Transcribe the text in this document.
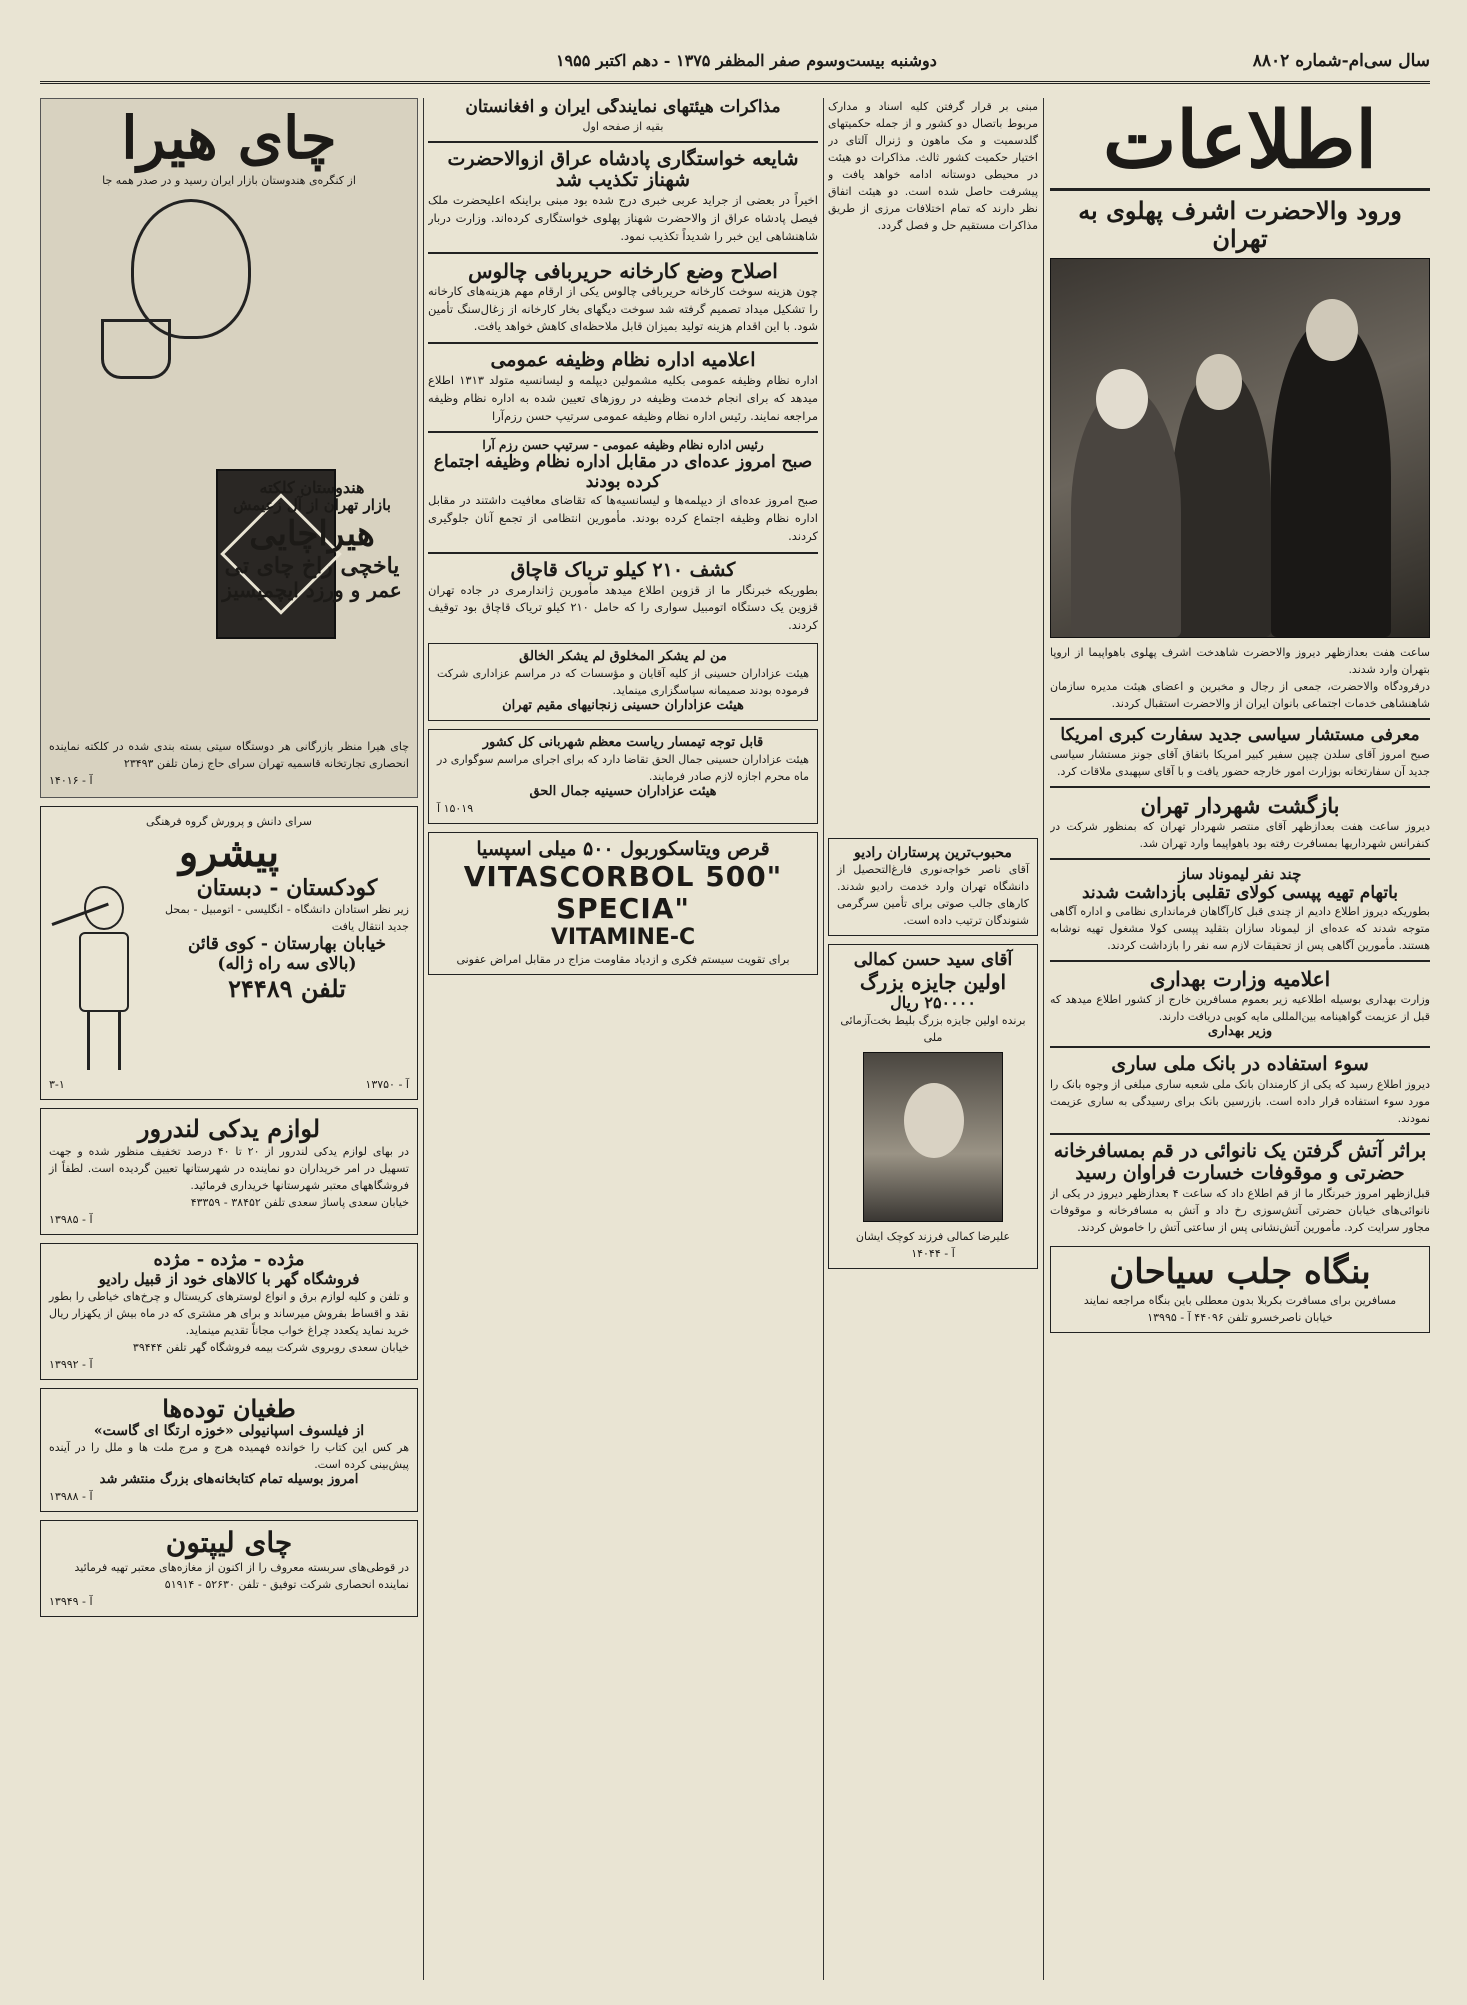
سال سی‌ام-شماره ۸۸۰۲
دوشنبه بیست‌وسوم صفر المظفر ۱۳۷۵ - دهم اکتبر ۱۹۵۵
اطلاعات
ورود والاحضرت اشرف پهلوی به تهران
ساعت هفت بعدازظهر دیروز والاحضرت شاهدخت اشرف پهلوی باهواپیما از اروپا بتهران وارد شدند.
درفرودگاه والاحضرت، جمعی از رجال و مخبرین و اعضای هیئت مدیره سازمان شاهنشاهی خدمات اجتماعی بانوان ایران از والاحضرت استقبال کردند.
معرفی مستشار سیاسی جدید سفارت کبری امریکا
صبح امروز آقای سلدن چیپن سفیر کبیر امریکا باتفاق آقای جونز مستشار سیاسی جدید آن سفارتخانه بوزارت امور خارجه حضور یافت و با آقای سپهبدی ملاقات کرد.
بازگشت شهردار تهران
دیروز ساعت هفت بعدازظهر آقای منتصر شهردار تهران که بمنظور شرکت در کنفرانس شهرداریها بمسافرت رفته بود باهواپیما وارد تهران شد.
چند نفر لیموناد ساز
باتهام تهیه پپسی کولای تقلبی بازداشت شدند
بطوریکه دیروز اطلاع دادیم از چندی قبل کارآگاهان فرمانداری نظامی و اداره آگاهی متوجه شدند که عده‌ای از لیموناد سازان بتقلید پپسی کولا مشغول تهیه نوشابه هستند. مأمورین آگاهی پس از تحقیقات لازم سه نفر را بازداشت کردند.
اعلامیه وزارت بهداری
وزارت بهداری بوسیله اطلاعیه زیر بعموم مسافرین خارج از کشور اطلاع میدهد که قبل از عزیمت گواهینامه بین‌المللی مایه کوبی دریافت دارند.
وزیر بهداری
سوء استفاده در بانک ملی ساری
دیروز اطلاع رسید که یکی از کارمندان بانک ملی شعبه ساری مبلغی از وجوه بانک را مورد سوء استفاده قرار داده است. بازرسین بانک برای رسیدگی به ساری عزیمت نمودند.
براثر آتش گرفتن یک نانوائی در قم بمسافرخانه حضرتی و موقوفات خسارت فراوان رسید
قبل‌ازظهر امروز خبرنگار ما از قم اطلاع داد که ساعت ۴ بعدازظهر دیروز در یکی از نانوائی‌های خیابان حضرتی آتش‌سوزی رخ داد و آتش به مسافرخانه و موقوفات مجاور سرایت کرد. مأمورین آتش‌نشانی پس از ساعتی آتش را خاموش کردند.
بنگاه جلب سیاحان
مسافرین برای مسافرت بکربلا بدون معطلی باین بنگاه مراجعه نمایند
خیابان ناصرخسرو تلفن ۴۴۰۹۶ آ - ۱۳۹۹۵
مبنی بر قرار گرفتن کلیه اسناد و مدارک مربوط باتصال دو کشور و از جمله حکمیتهای گلدسمیت و مک ماهون و ژنرال آلتای در اختیار حکمیت کشور ثالث. مذاکرات دو هیئت در محیطی دوستانه ادامه خواهد یافت و پیشرفت حاصل شده است. دو هیئت اتفاق نظر دارند که تمام اختلافات مرزی از طریق مذاکرات مستقیم حل و فصل گردد.
محبوب‌ترین پرستاران رادیو
آقای ناصر خواجه‌نوری فارغ‌التحصیل از دانشگاه تهران وارد خدمت رادیو شدند. کارهای جالب صوتی برای تأمین سرگرمی شنوندگان ترتیب داده است.
آقای سید حسن کمالی
اولین جایزه بزرگ
۲۵۰۰۰۰ ریال
برنده اولین جایزه بزرگ بلیط بخت‌آزمائی ملی
علیرضا کمالی فرزند کوچک ایشان
آ - ۱۴۰۴۴
مذاکرات هیئتهای نمایندگی ایران و افغانستان
بقیه از صفحه اول
شایعه خواستگاری پادشاه عراق ازوالاحضرت شهناز تکذیب شد
اخیراً در بعضی از جراید عربی خبری درج شده بود مبنی براینکه اعلیحضرت ملک فیصل پادشاه عراق از والاحضرت شهناز پهلوی خواستگاری کرده‌اند. وزارت دربار شاهنشاهی این خبر را شدیداً تکذیب نمود.
اصلاح وضع کارخانه حریربافی چالوس
چون هزینه سوخت کارخانه حریربافی چالوس یکی از ارقام مهم هزینه‌های کارخانه را تشکیل میداد تصمیم گرفته شد سوخت دیگهای بخار کارخانه از زغال‌سنگ تأمین شود. با این اقدام هزینه تولید بمیزان قابل ملاحظه‌ای کاهش خواهد یافت.
اعلامیه اداره نظام وظیفه عمومی
اداره نظام وظیفه عمومی بکلیه مشمولین دیپلمه و لیسانسیه متولد ۱۳۱۳ اطلاع میدهد که برای انجام خدمت وظیفه در روزهای تعیین شده به اداره نظام وظیفه مراجعه نمایند. رئیس اداره نظام وظیفه عمومی سرتیپ حسن رزم‌آرا
رئیس اداره نظام وظیفه عمومی - سرتیپ حسن رزم آرا
صبح امروز عده‌ای در مقابل اداره نظام وظیفه اجتماع کرده بودند
صبح امروز عده‌ای از دیپلمه‌ها و لیسانسیه‌ها که تقاضای معافیت داشتند در مقابل اداره نظام وظیفه اجتماع کرده بودند. مأمورین انتظامی از تجمع آنان جلوگیری کردند.
کشف ۲۱۰ کیلو تریاک قاچاق
بطوریکه خبرنگار ما از قزوین اطلاع میدهد مأمورین ژاندارمری در جاده تهران قزوین یک دستگاه اتومبیل سواری را که حامل ۲۱۰ کیلو تریاک قاچاق بود توقیف کردند.
من لم یشکر المخلوق لم یشکر الخالق
هیئت عزاداران حسینی از کلیه آقایان و مؤسسات که در مراسم عزاداری شرکت فرموده بودند صمیمانه سپاسگزاری مینماید.
هیئت عزاداران حسینی زنجانیهای مقیم تهران
قابل توجه تیمسار ریاست معظم شهربانی کل کشور
هیئت عزاداران حسینی جمال الحق تقاضا دارد که برای اجرای مراسم سوگواری در ماه محرم اجازه لازم صادر فرمایند.
هیئت عزاداران حسینیه جمال الحق
۱۵۰۱۹ آ
قرص ویتاسکوربول ۵۰۰ میلی اسپسیا
VITASCORBOL 500" SPECIA"
VITAMINE-C
برای تقویت سیستم فکری و ازدیاد مقاومت مزاج در مقابل امراض عفونی
چای هیرا
از کنگره‌ی هندوستان بازار ایران رسید و در صدر همه جا
هندوستان کلکته
بازار تهران از آل زعیمش
هیراچایی
یاخچی راخ چای تی
عمر و ورزد ایچمیسیز
چای هیرا منظر بازرگانی هر دوستگاه سیتی بسته بندی شده در کلکته نماینده انحصاری تجارتخانه قاسمیه تهران سرای حاج زمان تلفن ۲۳۴۹۳
آ - ۱۴۰۱۶
سرای دانش و پرورش گروه فرهنگی
پیشرو
کودکستان - دبستان
زیر نظر استادان دانشگاه - انگلیسی - اتومبیل - بمحل جدید انتقال یافت
خیابان بهارستان - کوی قائن (بالای سه راه ژاله)
تلفن ۲۴۴۸۹
آ - ۱۳۷۵۰
۳-۱
لوازم یدکی لندرور
در بهای لوازم یدکی لندرور از ۲۰ تا ۴۰ درصد تخفیف منظور شده و جهت تسهیل در امر خریداران دو نماینده در شهرستانها تعیین گردیده است. لطفاً از فروشگاههای معتبر شهرستانها خریداری فرمائید.
خیابان سعدی پاساژ سعدی تلفن ۳۸۴۵۲ - ۴۳۳۵۹
آ - ۱۳۹۸۵
مژده - مژده - مژده
فروشگاه گهر با کالاهای خود از قبیل رادیو
و تلفن و کلیه لوازم برق و انواع لوسترهای کریستال و چرخ‌های خیاطی را بطور نقد و اقساط بفروش میرساند و برای هر مشتری که در ماه بیش از یکهزار ریال خرید نماید یکعدد چراغ خواب مجاناً تقدیم مینماید.
خیابان سعدی روبروی شرکت بیمه فروشگاه گهر تلفن ۳۹۴۴۴
آ - ۱۳۹۹۲
طغیان توده‌ها
از فیلسوف اسپانیولی «خوزه ارتگا ای گاست»
هر کس این کتاب را خوانده فهمیده هرج و مرج ملت ها و ملل را در آینده پیش‌بینی کرده است.
امروز بوسیله تمام کتابخانه‌های بزرگ منتشر شد
آ - ۱۳۹۸۸
چای لیپتون
در قوطی‌های سربسته معروف را از اکنون از مغازه‌های معتبر تهیه فرمائید
نماینده انحصاری شرکت توفیق - تلفن ۵۲۶۳۰ - ۵۱۹۱۴
آ - ۱۳۹۴۹
